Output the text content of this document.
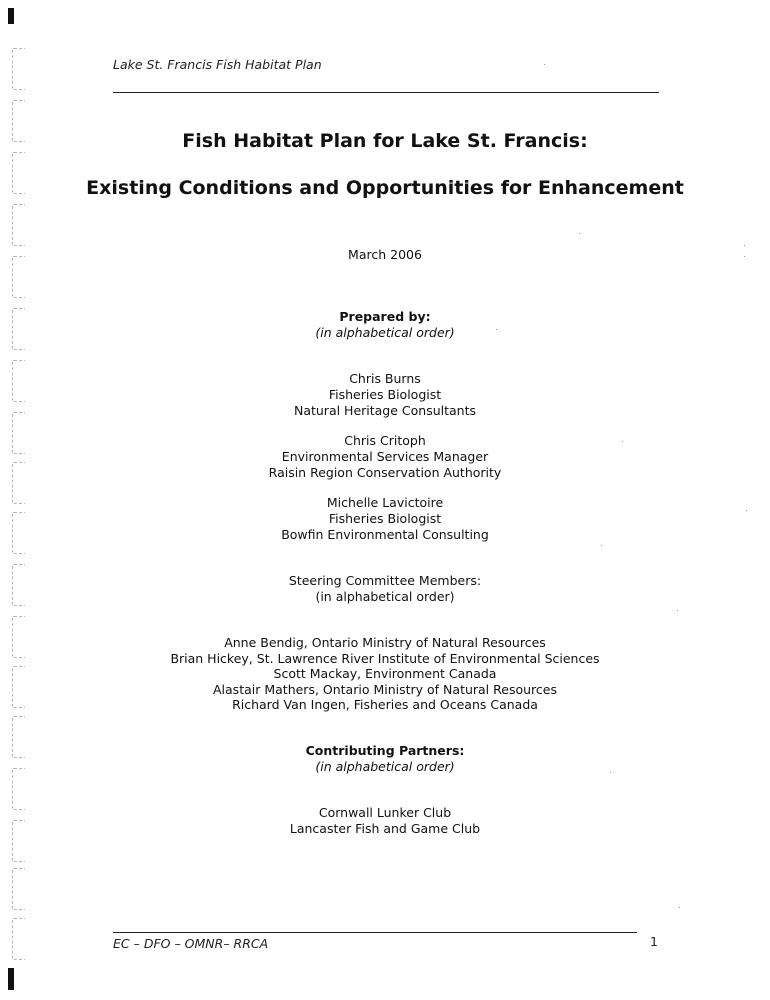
Lake St. Francis Fish Habitat Plan
Fish Habitat Plan for Lake St. Francis:
Existing Conditions and Opportunities for Enhancement
March 2006
Prepared by:
(in alphabetical order)
Chris Burns
Fisheries Biologist
Natural Heritage Consultants
Chris Critoph
Environmental Services Manager
Raisin Region Conservation Authority
Michelle Lavictoire
Fisheries Biologist
Bowfin Environmental Consulting
Steering Committee Members:
(in alphabetical order)
Anne Bendig, Ontario Ministry of Natural Resources
Brian Hickey, St. Lawrence River Institute of Environmental Sciences
Scott Mackay, Environment Canada
Alastair Mathers, Ontario Ministry of Natural Resources
Richard Van Ingen, Fisheries and Oceans Canada
Contributing Partners:
(in alphabetical order)
Cornwall Lunker Club
Lancaster Fish and Game Club
EC – DFO – OMNR– RRCA	1
